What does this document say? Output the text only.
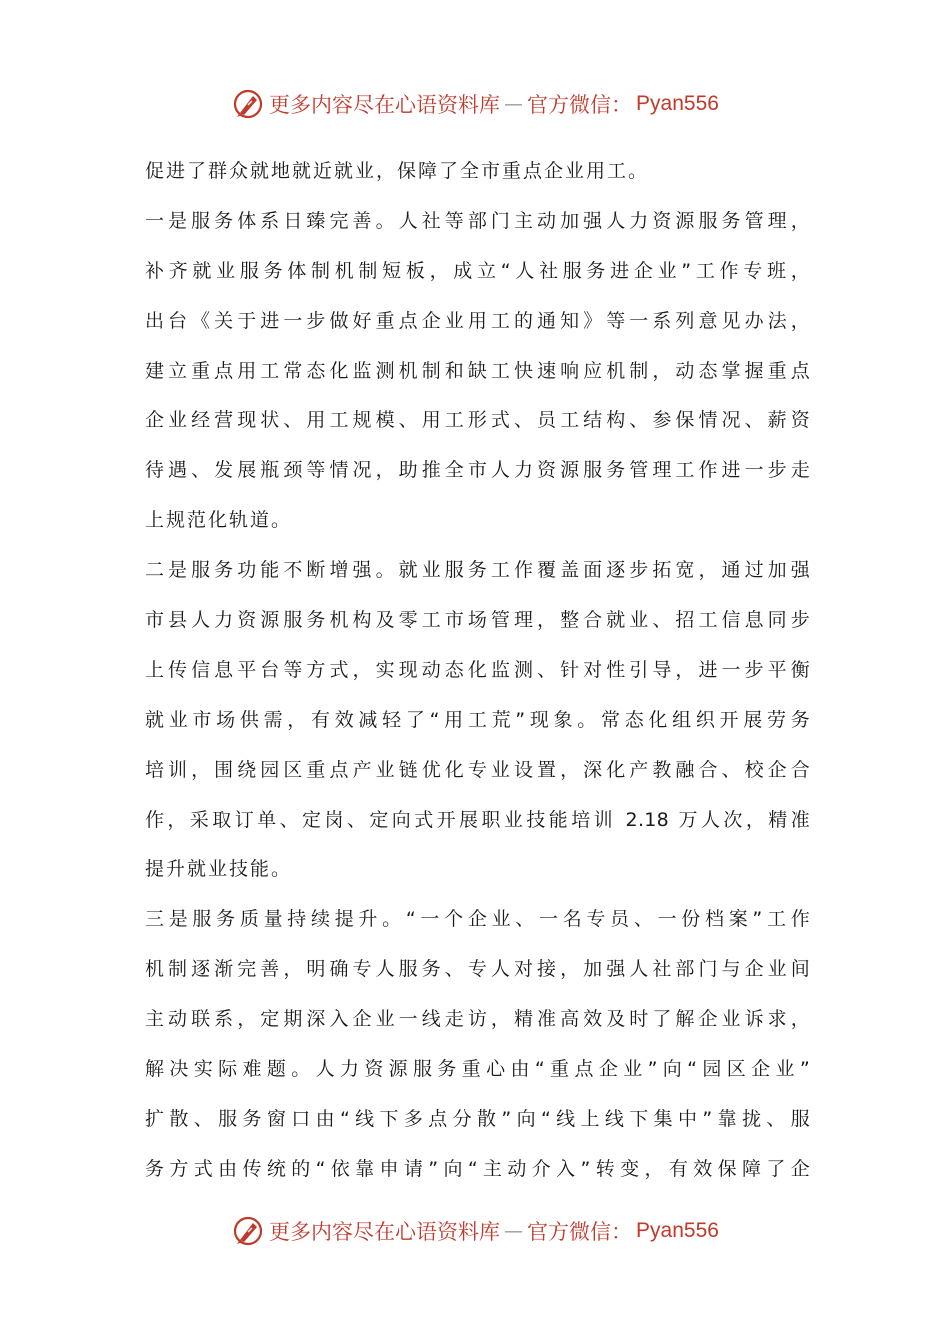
更多内容尽在心语资料库 — 官方微信： Pyan556
促进了群众就地就近就业，保障了全市重点企业用工。
一是服务体系日臻完善。人社等部门主动加强人力资源服务管理，
补齐就业服务体制机制短板，成立“人社服务进企业”工作专班，
出台《关于进一步做好重点企业用工的通知》等一系列意见办法，
建立重点用工常态化监测机制和缺工快速响应机制，动态掌握重点
企业经营现状、用工规模、用工形式、员工结构、参保情况、薪资
待遇、发展瓶颈等情况，助推全市人力资源服务管理工作进一步走
上规范化轨道。
二是服务功能不断增强。就业服务工作覆盖面逐步拓宽，通过加强
市县人力资源服务机构及零工市场管理，整合就业、招工信息同步
上传信息平台等方式，实现动态化监测、针对性引导，进一步平衡
就业市场供需，有效减轻了“用工荒”现象。常态化组织开展劳务
培训，围绕园区重点产业链优化专业设置，深化产教融合、校企合
作，采取订单、定岗、定向式开展职业技能培训 2.18 万人次，精准
提升就业技能。
三是服务质量持续提升。“一个企业、一名专员、一份档案”工作
机制逐渐完善，明确专人服务、专人对接，加强人社部门与企业间
主动联系，定期深入企业一线走访，精准高效及时了解企业诉求，
解决实际难题。人力资源服务重心由“重点企业”向“园区企业”
扩散、服务窗口由“线下多点分散”向“线上线下集中”靠拢、服
务方式由传统的“依靠申请”向“主动介入”转变，有效保障了企
更多内容尽在心语资料库 — 官方微信： Pyan556
